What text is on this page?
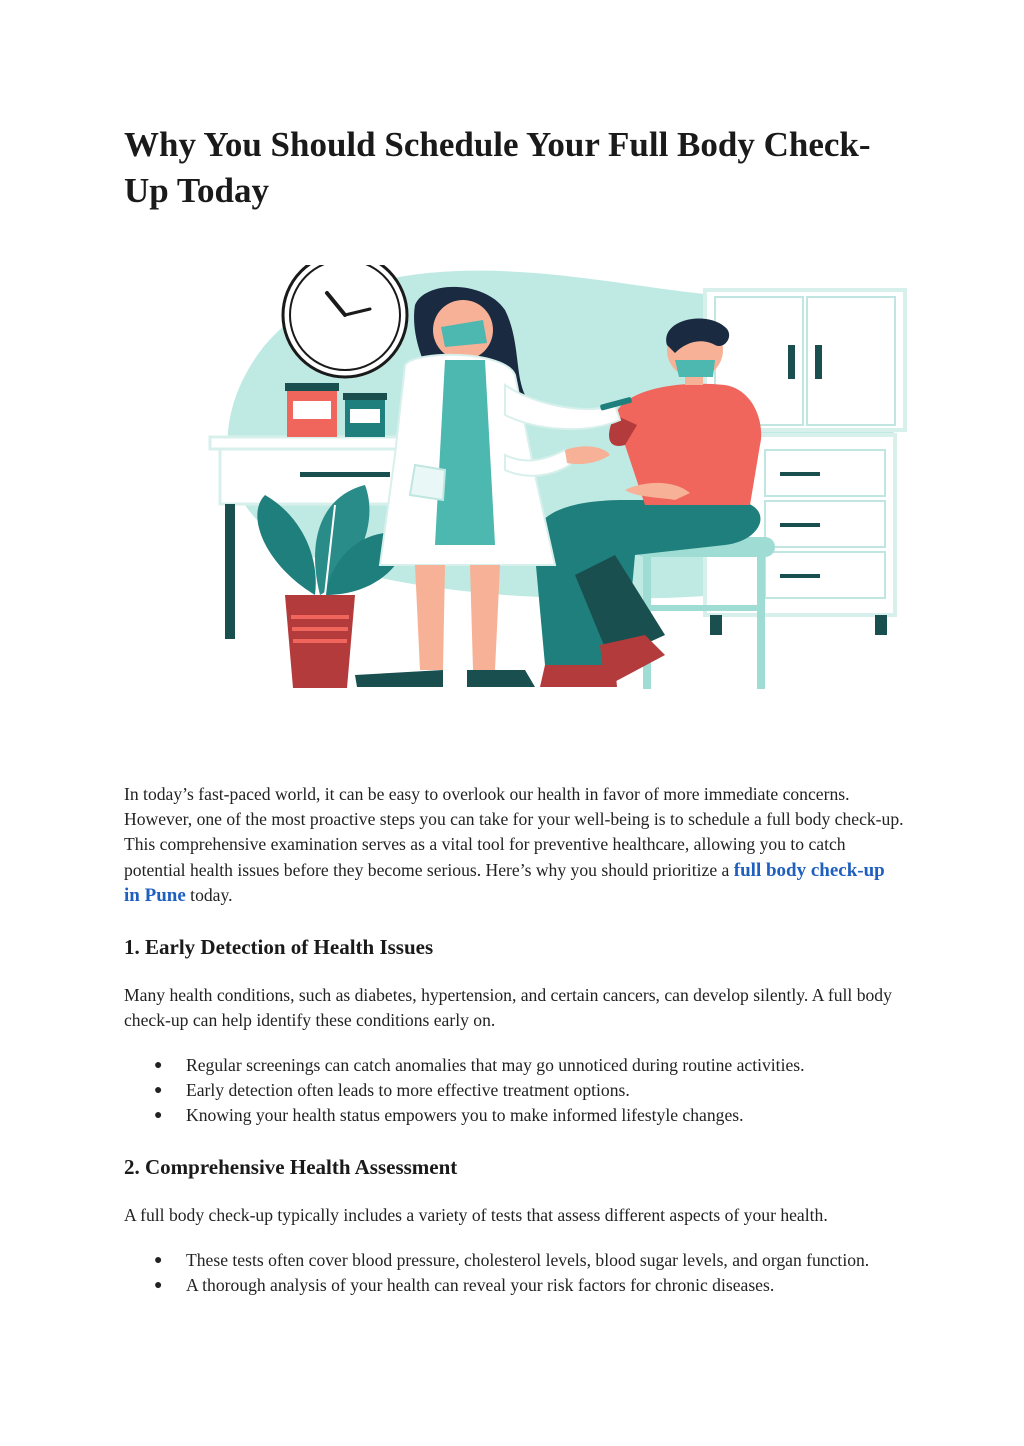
Why You Should Schedule Your Full Body Check-Up Today

In today’s fast-paced world, it can be easy to overlook our health in favor of more immediate concerns. However, one of the most proactive steps you can take for your well-being is to schedule a full body check-up. This comprehensive examination serves as a vital tool for preventive healthcare, allowing you to catch potential health issues before they become serious. Here’s why you should prioritize a full body check-up in Pune today.

1. Early Detection of Health Issues

Many health conditions, such as diabetes, hypertension, and certain cancers, can develop silently. A full body check-up can help identify these conditions early on.

● Regular screenings can catch anomalies that may go unnoticed during routine activities.
● Early detection often leads to more effective treatment options.
● Knowing your health status empowers you to make informed lifestyle changes.
2. Comprehensive Health Assessment

A full body check-up typically includes a variety of tests that assess different aspects of your health.

● These tests often cover blood pressure, cholesterol levels, blood sugar levels, and organ function.
● A thorough analysis of your health can reveal your risk factors for chronic diseases.
